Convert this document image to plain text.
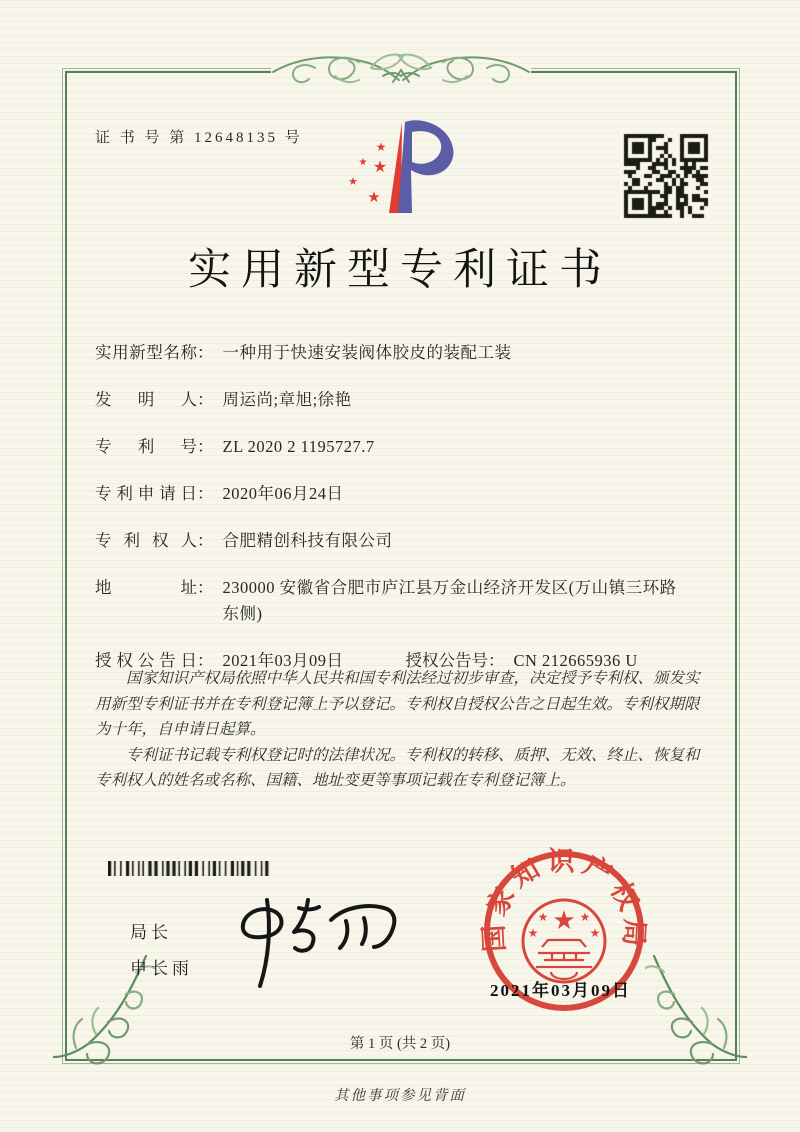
证 书 号 第 12648135 号
★
★ ★
★
★
实用新型专利证书
实用新型名称 ： 一种用于快速安装阀体胶皮的装配工装
发明人 ： 周运尚;章旭;徐艳
专利号 ： ZL 2020 2 1195727.7
专利申请日 ： 2020年06月24日
专利权人 ： 合肥精创科技有限公司
地址 ： 230000 安徽省合肥市庐江县万金山经济开发区(万山镇三环路东侧)
授权公告日 ： 2021年03月09日	授权公告号 ： CN 212665936 U

国家知识产权局依照中华人民共和国专利法经过初步审查，决定授予专利权、颁发实用新型专利证书并在专利登记簿上予以登记。专利权自授权公告之日起生效。专利权期限为十年，自申请日起算。

专利证书记载专利权登记时的法律状况。专利权的转移、质押、无效、终止、恢复和专利权人的姓名或名称、国籍、地址变更等事项记载在专利登记簿上。

局长
申长雨
国家知识产权局
★
★	★
★	★
2021年03月09日
第 1 页 (共 2 页)
其他事项参见背面
